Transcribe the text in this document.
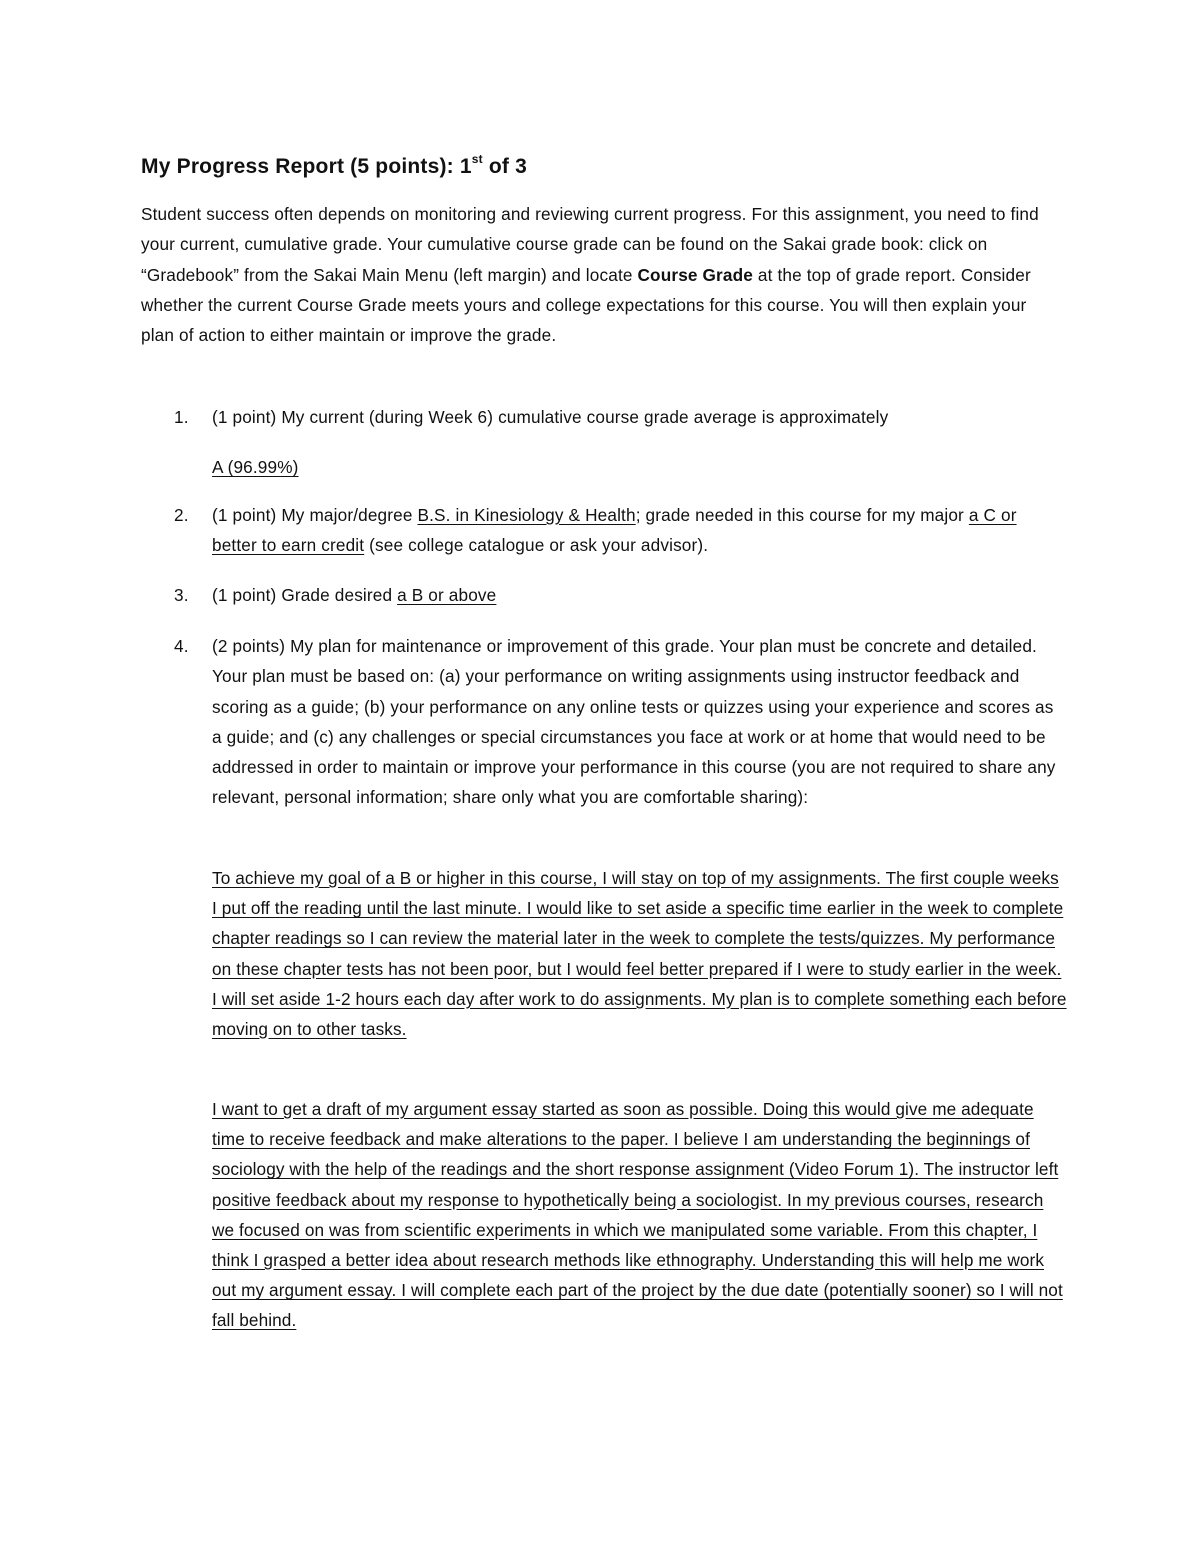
My Progress Report (5 points): 1st of 3

Student success often depends on monitoring and reviewing current progress. For this assignment, you need to find your current, cumulative grade. Your cumulative course grade can be found on the Sakai grade book: click on “Gradebook” from the Sakai Main Menu (left margin) and locate Course Grade at the top of grade report. Consider whether the current Course Grade meets yours and college expectations for this course. You will then explain your plan of action to either maintain or improve the grade.

1.	(1 point) My current (during Week 6) cumulative course grade average is approximately
A (96.99%)
2.	(1 point) My major/degree B.S. in Kinesiology & Health; grade needed in this course for my major a C or better to earn credit (see college catalogue or ask your advisor).
3.	(1 point) Grade desired a B or above
4.	(2 points) My plan for maintenance or improvement of this grade. Your plan must be concrete and detailed. Your plan must be based on: (a) your performance on writing assignments using instructor feedback and scoring as a guide; (b) your performance on any online tests or quizzes using your experience and scores as a guide; and (c) any challenges or special circumstances you face at work or at home that would need to be addressed in order to maintain or improve your performance in this course (you are not required to share any relevant, personal information; share only what you are comfortable sharing):

To achieve my goal of a B or higher in this course, I will stay on top of my assignments. The first couple weeks I put off the reading until the last minute. I would like to set aside a specific time earlier in the week to complete chapter readings so I can review the material later in the week to complete the tests/quizzes. My performance on these chapter tests has not been poor, but I would feel better prepared if I were to study earlier in the week. I will set aside 1-2 hours each day after work to do assignments. My plan is to complete something each before moving on to other tasks.

I want to get a draft of my argument essay started as soon as possible. Doing this would give me adequate time to receive feedback and make alterations to the paper. I believe I am understanding the beginnings of sociology with the help of the readings and the short response assignment (Video Forum 1). The instructor left positive feedback about my response to hypothetically being a sociologist. In my previous courses, research we focused on was from scientific experiments in which we manipulated some variable. From this chapter, I think I grasped a better idea about research methods like ethnography. Understanding this will help me work out my argument essay. I will complete each part of the project by the due date (potentially sooner) so I will not fall behind.
